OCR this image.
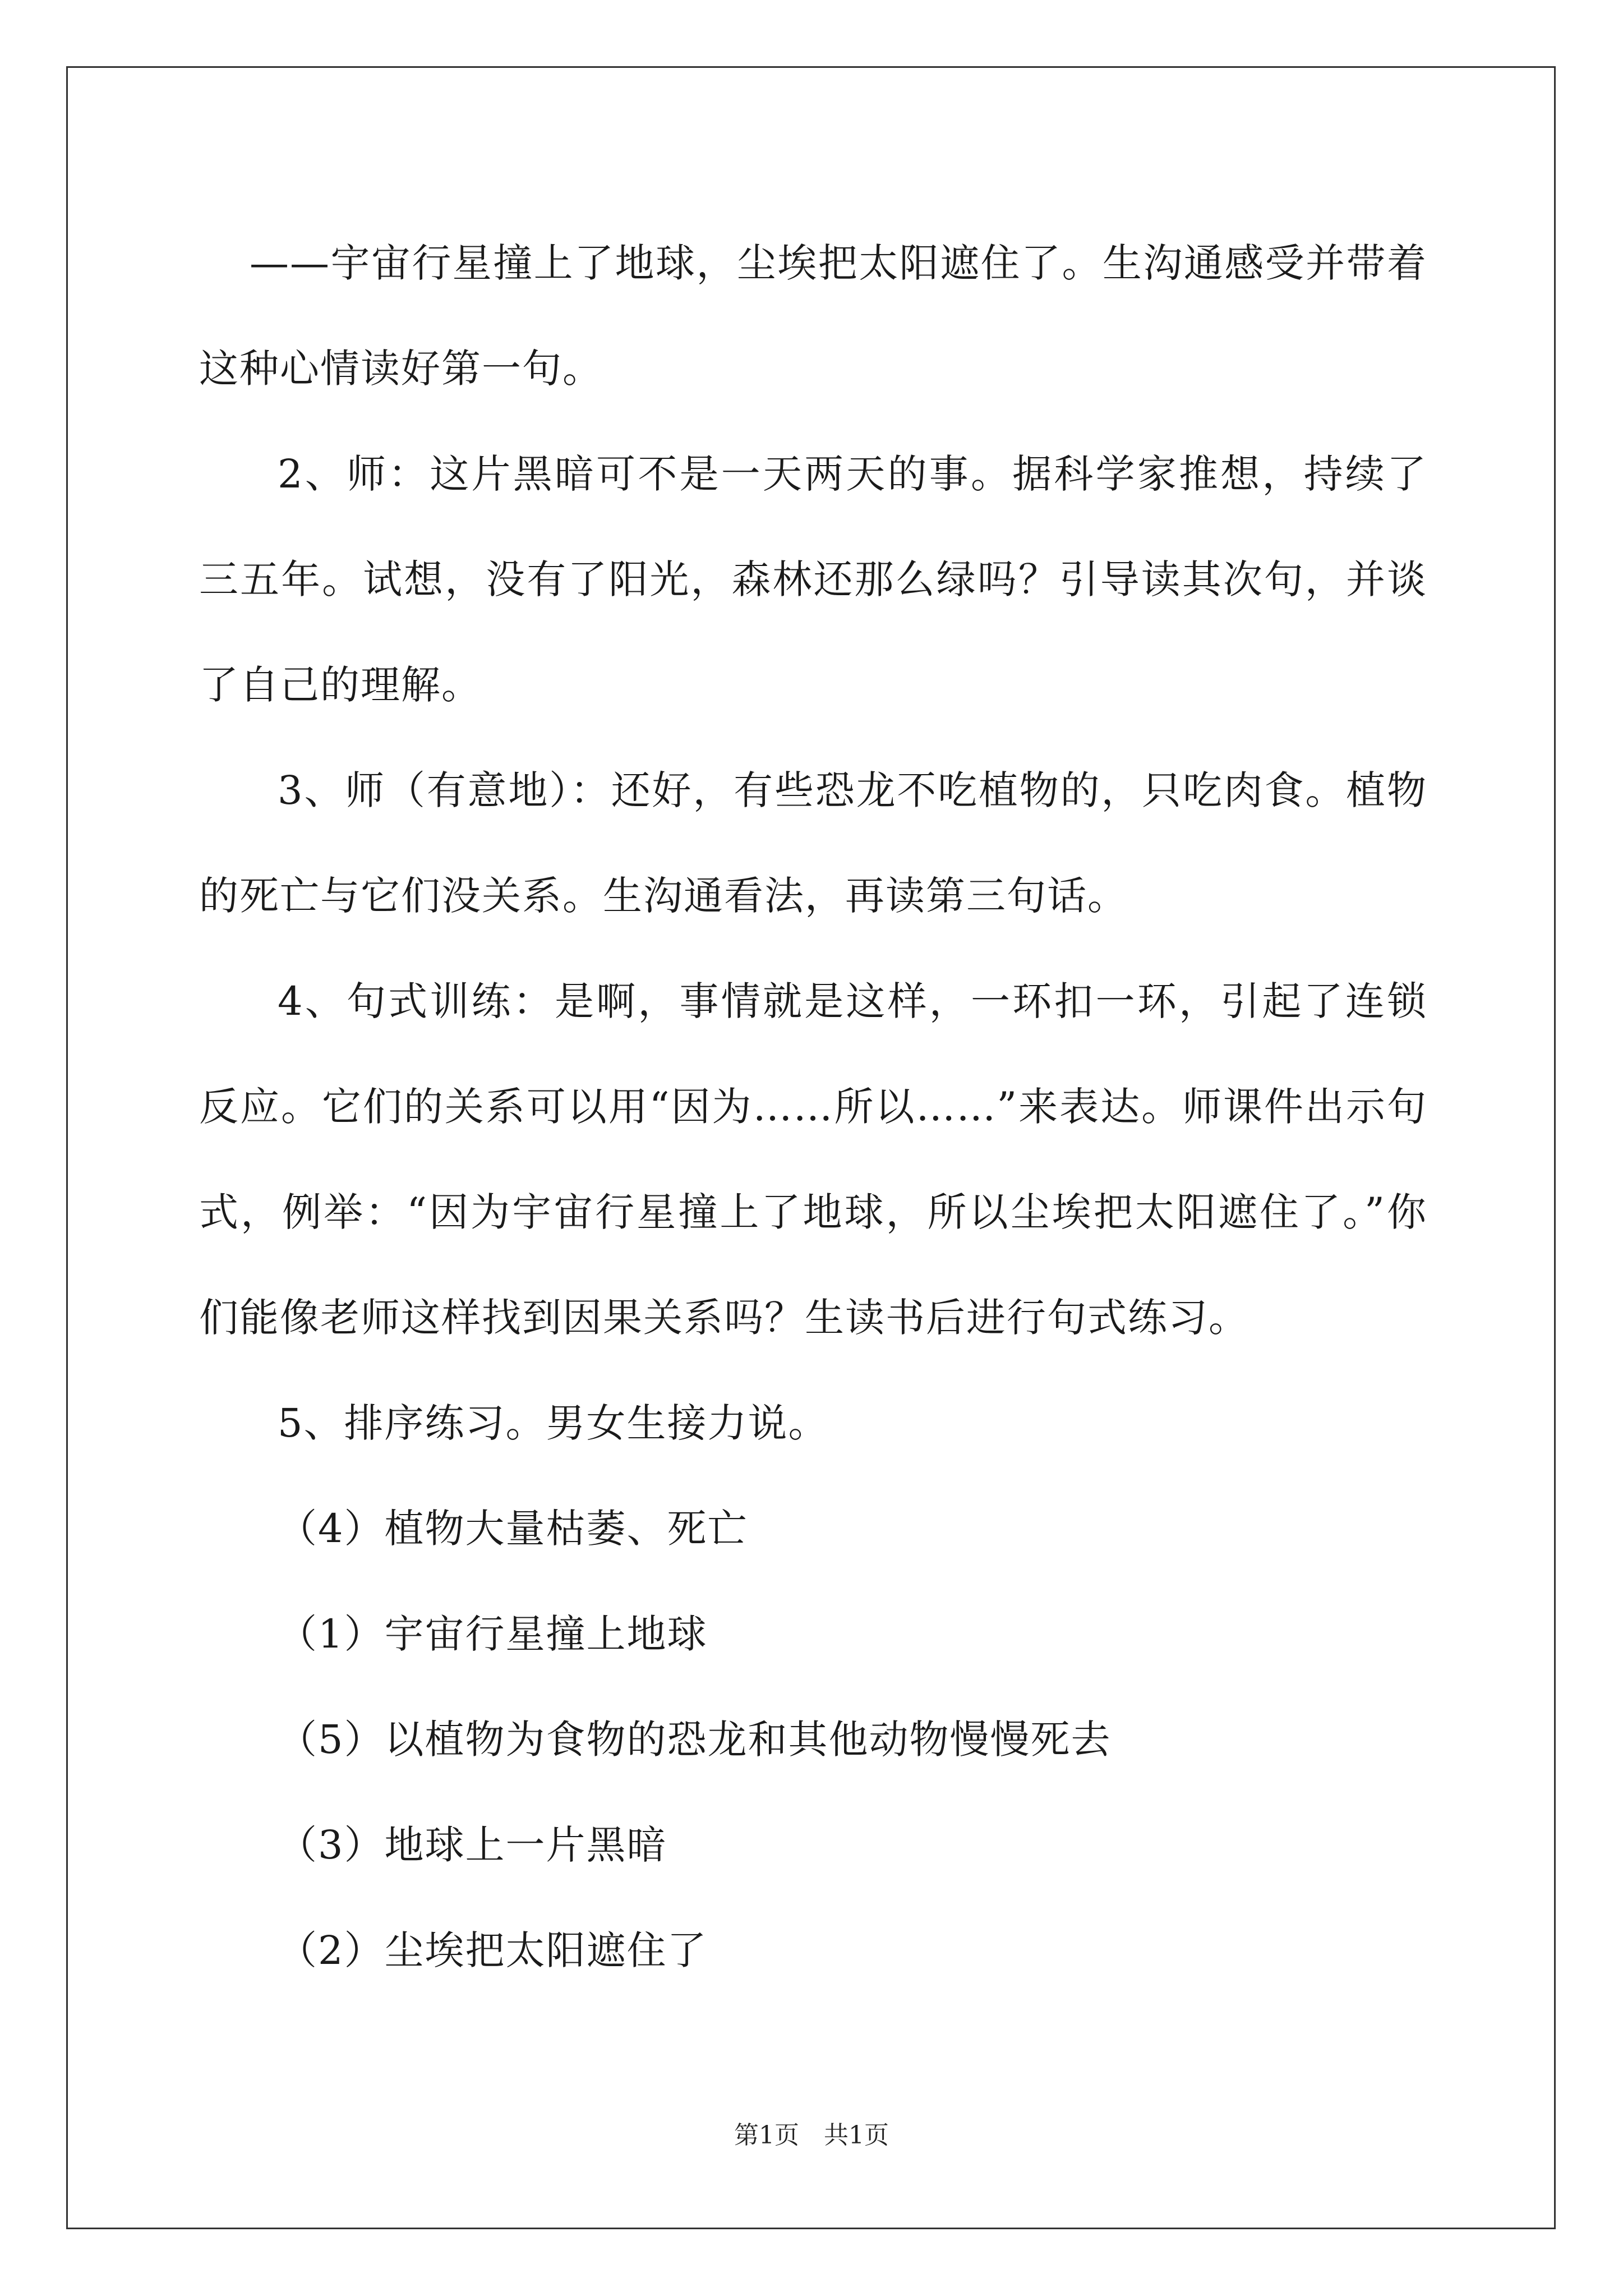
——宇宙行星撞上了地球，尘埃把太阳遮住了。生沟通感受并带着这种心情读好第一句。

2、师：这片黑暗可不是一天两天的事。据科学家推想，持续了三五年。试想，没有了阳光，森林还那么绿吗？引导读其次句，并谈了自己的理解。

3、师（有意地）：还好，有些恐龙不吃植物的，只吃肉食。植物的死亡与它们没关系。生沟通看法，再读第三句话。

4、句式训练：是啊，事情就是这样，一环扣一环，引起了连锁反应。它们的关系可以用“因为……所以……”来表达。师课件出示句式，例举：“因为宇宙行星撞上了地球，所以尘埃把太阳遮住了。”你们能像老师这样找到因果关系吗？生读书后进行句式练习。

5、排序练习。男女生接力说。

（4）植物大量枯萎、死亡

（1）宇宙行星撞上地球

（5）以植物为食物的恐龙和其他动物慢慢死去

（3）地球上一片黑暗

（2）尘埃把太阳遮住了

第1页　共1页
